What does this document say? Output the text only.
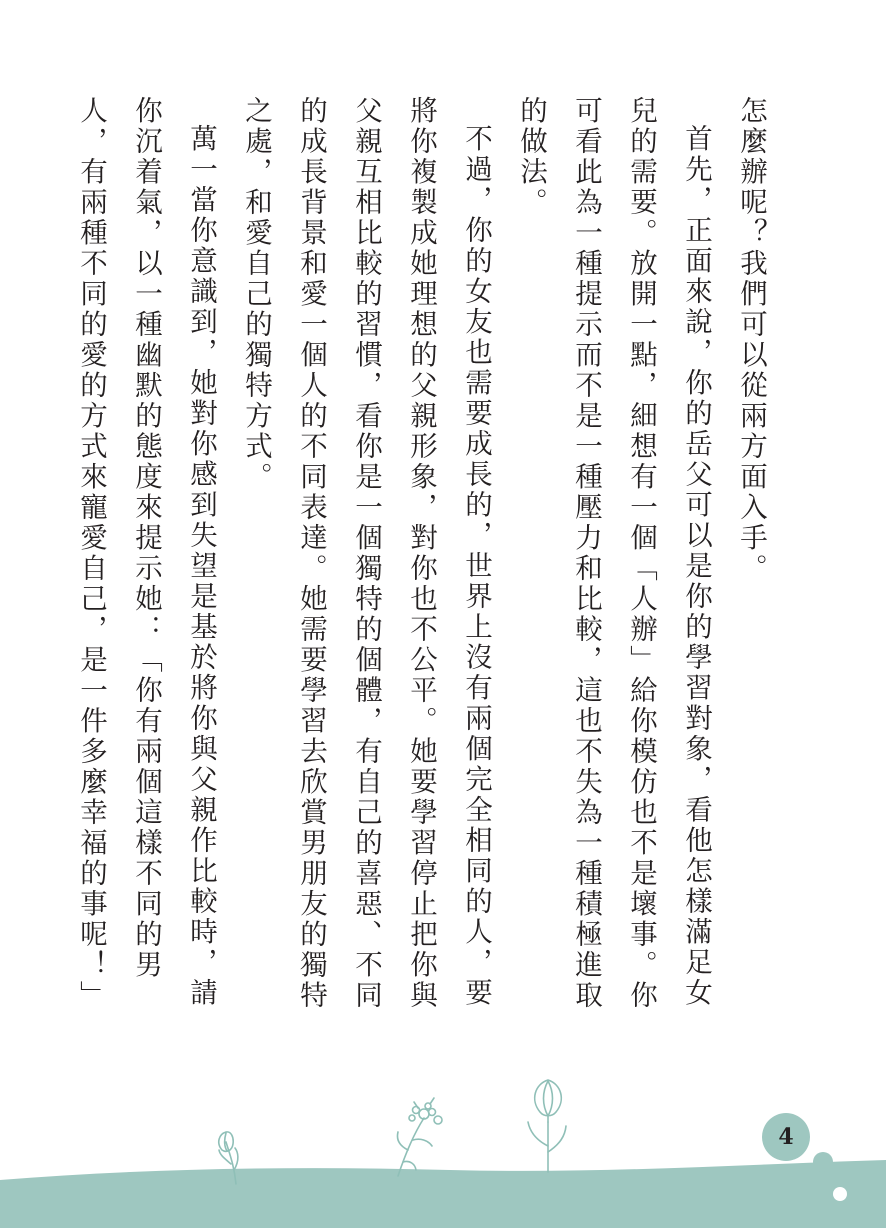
怎麼辦呢？我們可以從兩方面入手。

首先，正面來說，你的岳父可以是你的學習對象，看他怎樣滿足女兒的需要。放開一點，細想有一個「人辦」給你模仿也不是壞事。你可看此為一種提示而不是一種壓力和比較，這也不失為一種積極進取的做法。

不過，你的女友也需要成長的，世界上沒有兩個完全相同的人，要將你複製成她理想的父親形象，對你也不公平。她要學習停止把你與父親互相比較的習慣，看你是一個獨特的個體，有自己的喜惡、不同的成長背景和愛一個人的不同表達。她需要學習去欣賞男朋友的獨特之處，和愛自己的獨特方式。

萬一當你意識到，她對你感到失望是基於將你與父親作比較時，請你沉着氣，以一種幽默的態度來提示她：「你有兩個這樣不同的男人，有兩種不同的愛的方式來寵愛自己，是一件多麼幸福的事呢！」

4
